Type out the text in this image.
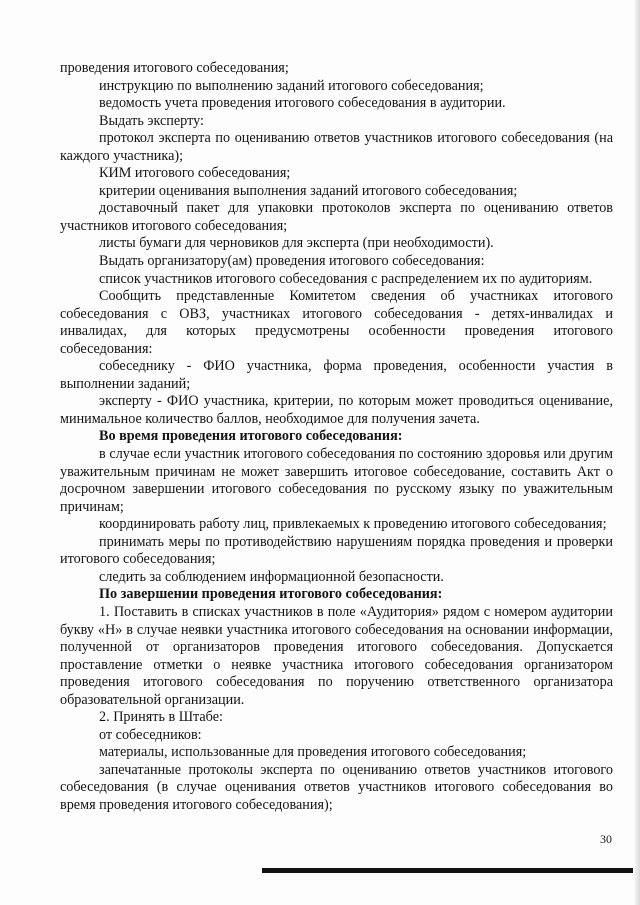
проведения итогового собеседования;

инструкцию по выполнению заданий итогового собеседования;

ведомость учета проведения итогового собеседования в аудитории.

Выдать эксперту:

протокол эксперта по оцениванию ответов участников итогового собеседования (на каждого участника);

КИМ итогового собеседования;

критерии оценивания выполнения заданий итогового собеседования;

доставочный пакет для упаковки протоколов эксперта по оцениванию ответов участников итогового собеседования;

листы бумаги для черновиков для эксперта (при необходимости).

Выдать организатору(ам) проведения итогового собеседования:

список участников итогового собеседования с распределением их по аудиториям.

Сообщить представленные Комитетом сведения об участниках итогового собеседования с ОВЗ, участниках итогового собеседования - детях-инвалидах и инвалидах, для которых предусмотрены особенности проведения итогового собеседования:

собеседнику - ФИО участника, форма проведения, особенности участия в выполнении заданий;

эксперту - ФИО участника, критерии, по которым может проводиться оценивание, минимальное количество баллов, необходимое для получения зачета.

Во время проведения итогового собеседования:

в случае если участник итогового собеседования по состоянию здоровья или другим уважительным причинам не может завершить итоговое собеседование, составить Акт о досрочном завершении итогового собеседования по русскому языку по уважительным причинам;

координировать работу лиц, привлекаемых к проведению итогового собеседования;

принимать меры по противодействию нарушениям порядка проведения и проверки итогового собеседования;

следить за соблюдением информационной безопасности.

По завершении проведения итогового собеседования:

1. Поставить в списках участников в поле «Аудитория» рядом с номером аудитории букву «Н» в случае неявки участника итогового собеседования на основании информации, полученной от организаторов проведения итогового собеседования. Допускается проставление отметки о неявке участника итогового собеседования организатором проведения итогового собеседования по поручению ответственного организатора образовательной организации.

2. Принять в Штабе:

от собеседников:

материалы, использованные для проведения итогового собеседования;

запечатанные протоколы эксперта по оцениванию ответов участников итогового собеседования (в случае оценивания ответов участников итогового собеседования во время проведения итогового собеседования);

30
